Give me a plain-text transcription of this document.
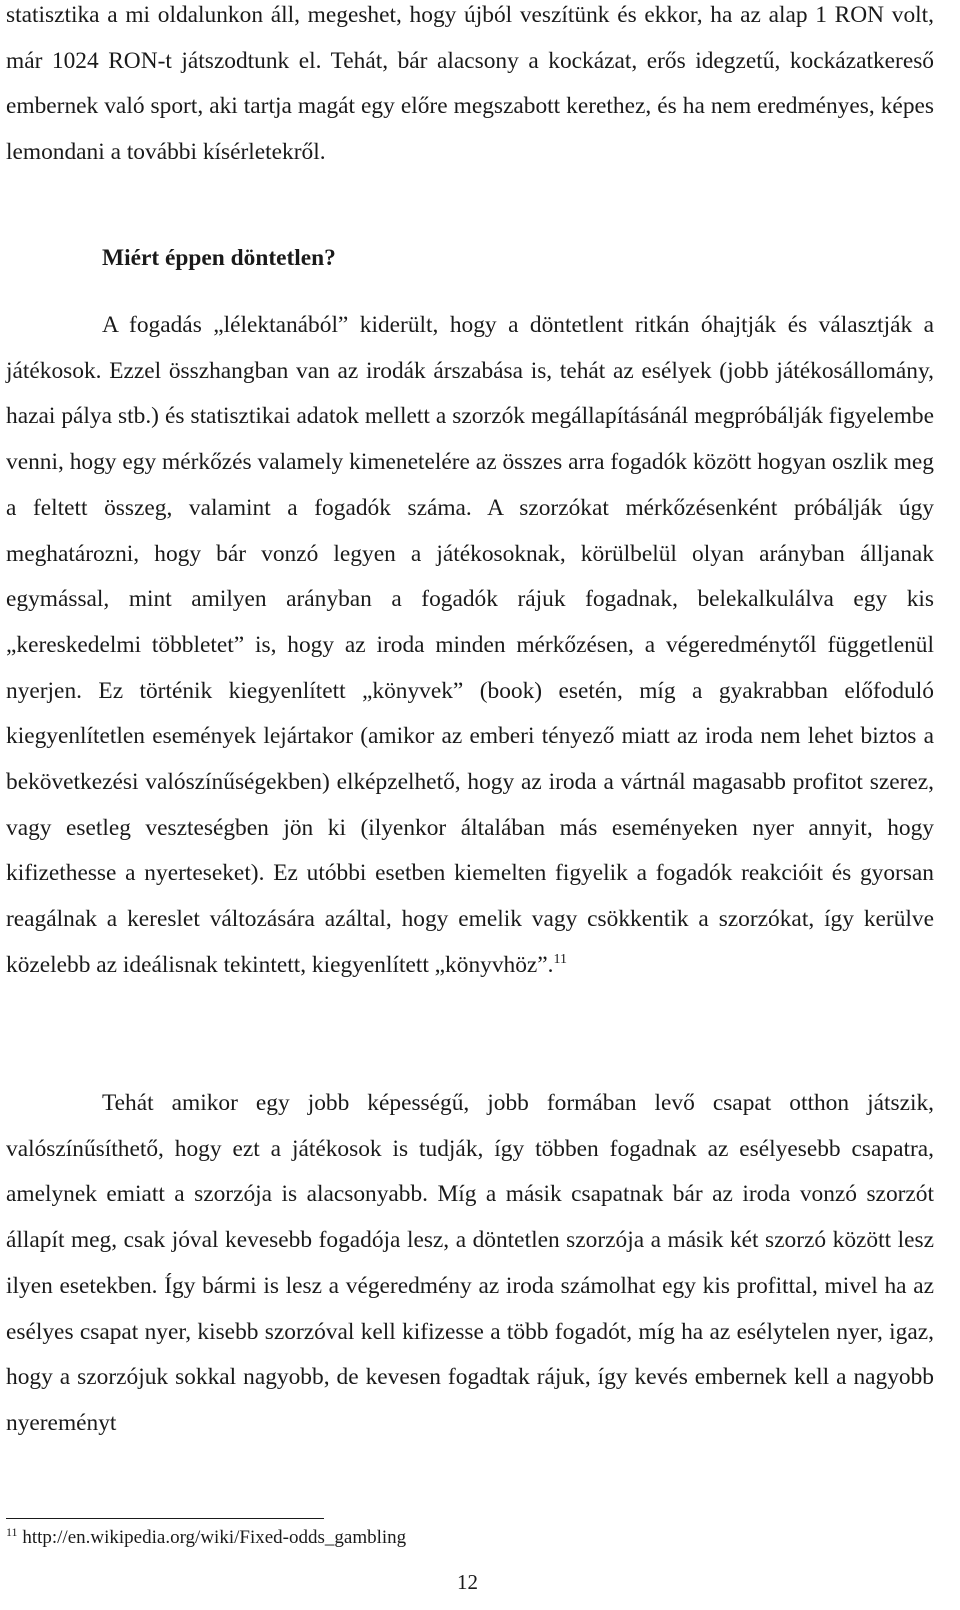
statisztika a mi oldalunkon áll, megeshet, hogy újból veszítünk és ekkor, ha az alap 1 RON volt, már 1024 RON-t játszodtunk el. Tehát, bár alacsony a kockázat, erős idegzetű, kockázatkereső embernek való sport, aki tartja magát egy előre megszabott kerethez, és ha nem eredményes, képes lemondani a további kísérletekről.

Miért éppen döntetlen?

A fogadás „lélektanából” kiderült, hogy a döntetlent ritkán óhajtják és választják a játékosok. Ezzel összhangban van az irodák árszabása is, tehát az esélyek (jobb játékosállomány, hazai pálya stb.) és statisztikai adatok mellett a szorzók megállapításánál megpróbálják figyelembe venni, hogy egy mérkőzés valamely kimenetelére az összes arra fogadók között hogyan oszlik meg a feltett összeg, valamint a fogadók száma. A szorzókat mérkőzésenként próbálják úgy meghatározni, hogy bár vonzó legyen a játékosoknak, körülbelül olyan arányban álljanak egymással, mint amilyen arányban a fogadók rájuk fogadnak, belekalkulálva egy kis „kereskedelmi többletet” is, hogy az iroda minden mérkőzésen, a végeredménytől függetlenül nyerjen. Ez történik kiegyenlített „könyvek” (book) esetén, míg a gyakrabban előfoduló kiegyenlítetlen események lejártakor (amikor az emberi tényező miatt az iroda nem lehet biztos a bekövetkezési valószínűségekben) elképzelhető, hogy az iroda a vártnál magasabb profitot szerez, vagy esetleg veszteségben jön ki (ilyenkor általában más eseményeken nyer annyit, hogy kifizethesse a nyerteseket). Ez utóbbi esetben kiemelten figyelik a fogadók reakcióit és gyorsan reagálnak a kereslet változására azáltal, hogy emelik vagy csökkentik a szorzókat, így kerülve közelebb az ideálisnak tekintett, kiegyenlített „könyvhöz”.$^{11}$

Tehát amikor egy jobb képességű, jobb formában levő csapat otthon játszik, valószínűsíthető, hogy ezt a játékosok is tudják, így többen fogadnak az esélyesebb csapatra, amelynek emiatt a szorzója is alacsonyabb. Míg a másik csapatnak bár az iroda vonzó szorzót állapít meg, csak jóval kevesebb fogadója lesz, a döntetlen szorzója a másik két szorzó között lesz ilyen esetekben. Így bármi is lesz a végeredmény az iroda számolhat egy kis profittal, mivel ha az esélyes csapat nyer, kisebb szorzóval kell kifizesse a több fogadót, míg ha az esélytelen nyer, igaz, hogy a szorzójuk sokkal nagyobb, de kevesen fogadtak rájuk, így kevés embernek kell a nagyobb nyereményt

$^{11}$ http://en.wikipedia.org/wiki/Fixed-odds_gambling

12
